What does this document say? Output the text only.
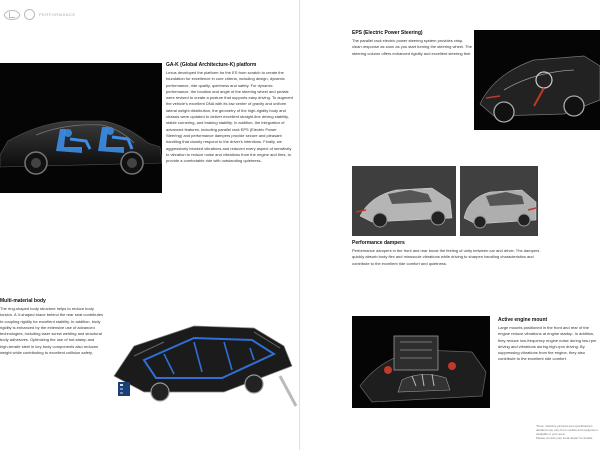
PERFORMANCE

GA-K (Global Architecture-K) platform

Lexus developed the platform for the ES from scratch to create the foundation for excellence in core criteria, including design, dynamic performance, ride quality, quietness and safety. For dynamic performance, the location and angle of the steering wheel and pedals were revised to create a posture that supports easy driving. To augment the vehicle's excellent DNA with its low center of gravity and uniform lateral weight distribution, the geometry of the high-rigidity body and chassis were updated to deliver excellent straight-line driving stability, stable cornering, and braking stability. In addition, the integration of advanced features, including parallel rack EPS (Electric Power Steering) and performance dampers provide secure and pleasant handling that closely respond to the driver's intentions. Finally, we aggressively blocked vibrations and reduced every aspect of sensitivity to vibration to reduce noise and vibrations from the engine and tires, to provide a comfortable ride with outstanding quietness.

Multi-material body

The ring-shaped body structure helps to reduce body torsion. A V-shaped brace behind the rear seat contributes to coupling rigidity for excellent stability. In addition, body rigidity is enhanced by the extensive use of advanced technologies, including laser screw welding and structural body adhesives. Optimizing the use of hot-stamp and high-tensile steel in key body components also reduces weight while contributing to excellent collision safety.

EPS (Electric Power Steering)

The parallel rack electric power steering system provides crisp, clean response as soon as you start turning the steering wheel. The steering column offers enhanced rigidity and excellent steering feel.

Performance dampers

Performance dampers in the front and rear boost the feeling of unity between car and driver. The dampers quickly absorb body flex and minuscule vibrations while driving to sharpen handling characteristics and contribute to the excellent ride comfort and quietness.

Active engine mount

Large mounts positioned in the front and rear of the engine reduce vibrations at engine startup. In addition, they reduce low-frequency engine noise during low-rpm driving and vibrations during high-rpm driving. By suppressing vibrations from the engine, they also contribute to the excellent ride comfort.

*Note: Vehicles pictured and specifications detailed may vary from models and equipment available in your area.
Please consult your local dealer for details.
